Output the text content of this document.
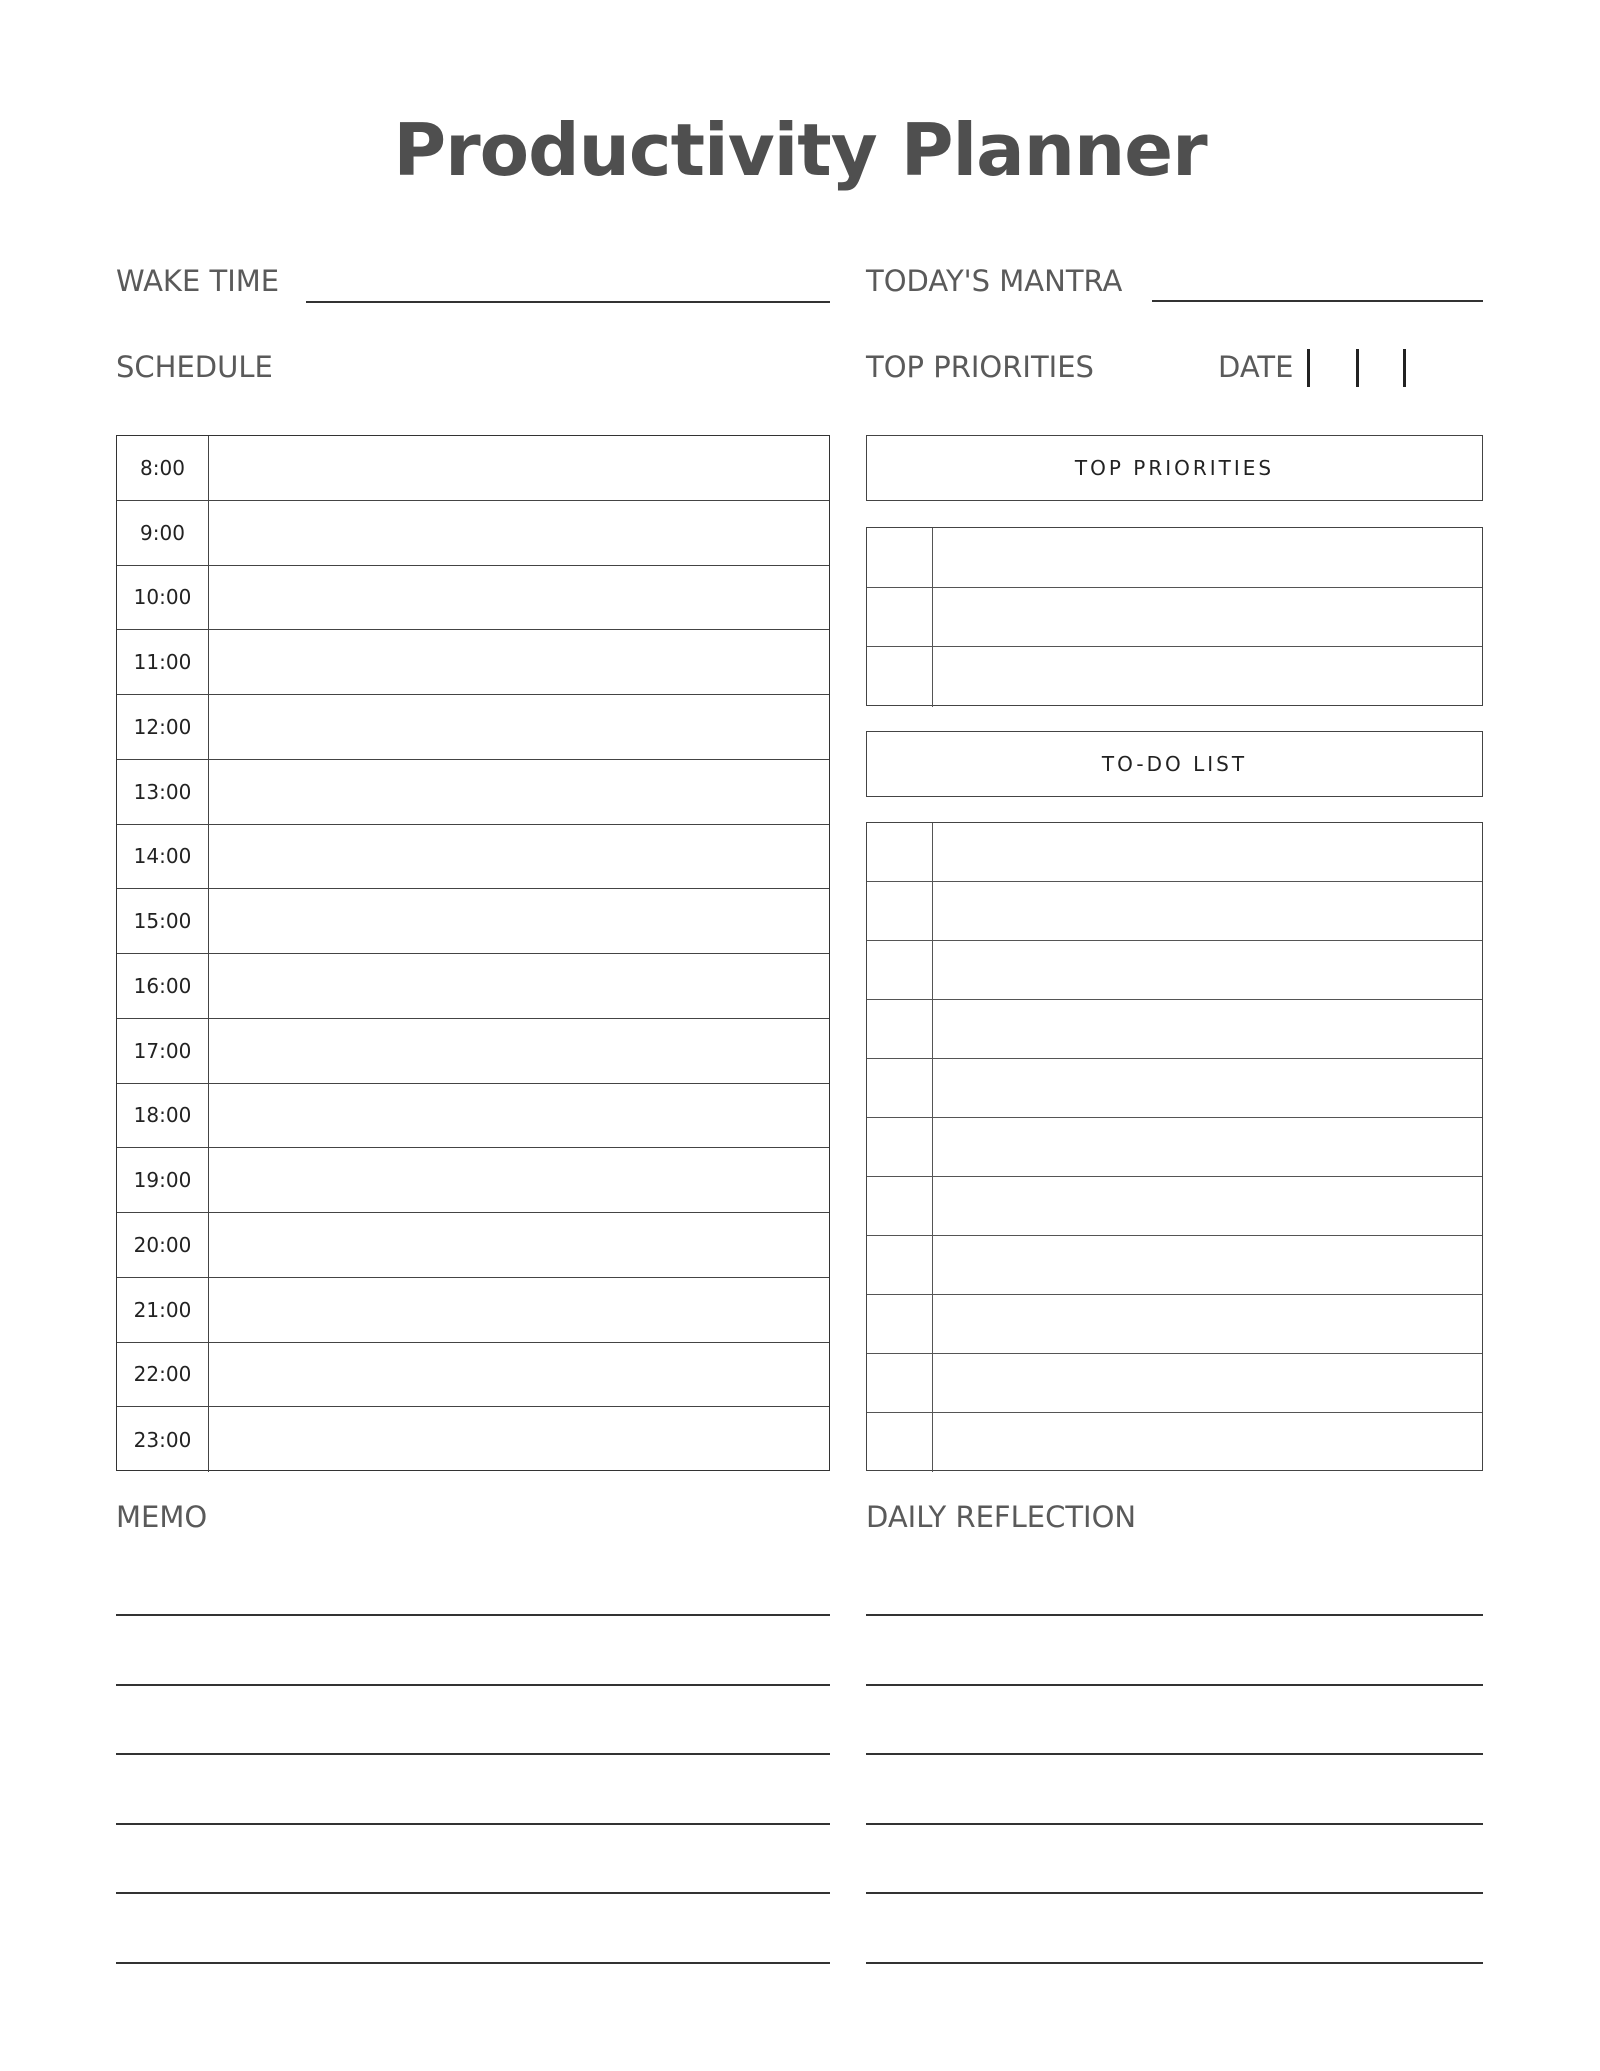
Productivity Planner
WAKE TIME	TODAY'S MANTRA
SCHEDULE	TOP PRIORITIES	DATE
8:00
9:00
10:00
11:00
12:00
13:00
14:00
15:00
16:00
17:00
18:00
19:00
20:00
21:00
22:00
23:00
TOP PRIORITIES
TO-DO LIST
MEMO	DAILY REFLECTION
